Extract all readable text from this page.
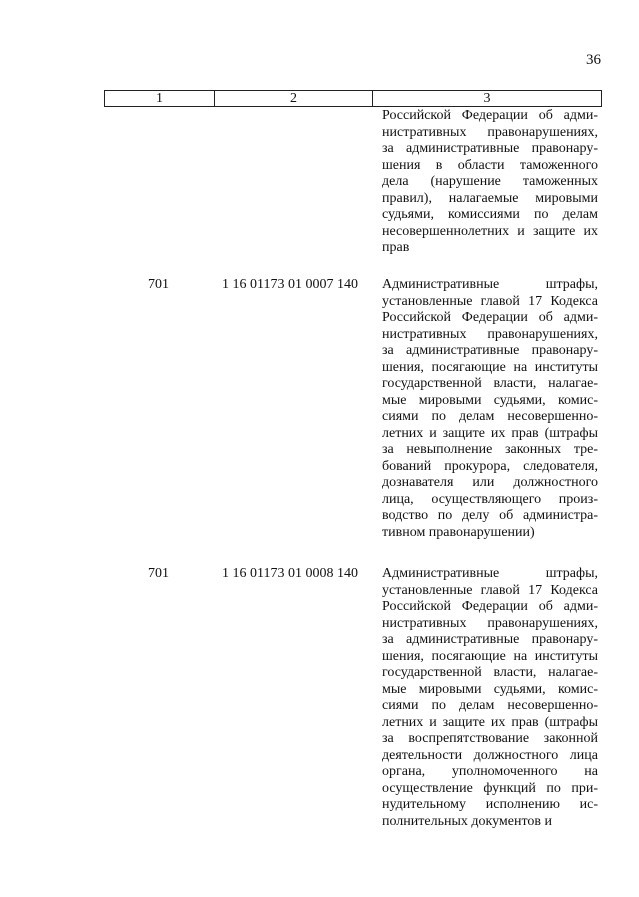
36
1	2	3
Российской Федерации об адми-
нистративных правонарушениях,
за административные правонару-
шения в области таможенного
дела (нарушение таможенных
правил), налагаемые мировыми
судьями, комиссиями по делам
несовершеннолетних и защите их
прав
701	1 16 01173 01 0007 140 Административные штрафы,
установленные главой 17 Кодекса
Российской Федерации об адми-
нистративных правонарушениях,
за административные правонару-
шения, посягающие на институты
государственной власти, налагае-
мые мировыми судьями, комис-
сиями по делам несовершенно-
летних и защите их прав (штрафы
за невыполнение законных тре-
бований прокурора, следователя,
дознавателя или должностного
лица, осуществляющего произ-
водство по делу об администра-
тивном правонарушении)
701	1 16 01173 01 0008 140 Административные штрафы,
установленные главой 17 Кодекса
Российской Федерации об адми-
нистративных правонарушениях,
за административные правонару-
шения, посягающие на институты
государственной власти, налагае-
мые мировыми судьями, комис-
сиями по делам несовершенно-
летних и защите их прав (штрафы
за воспрепятствование законной
деятельности должностного лица
органа, уполномоченного на
осуществление функций по при-
нудительному исполнению ис-
полнительных документов и
